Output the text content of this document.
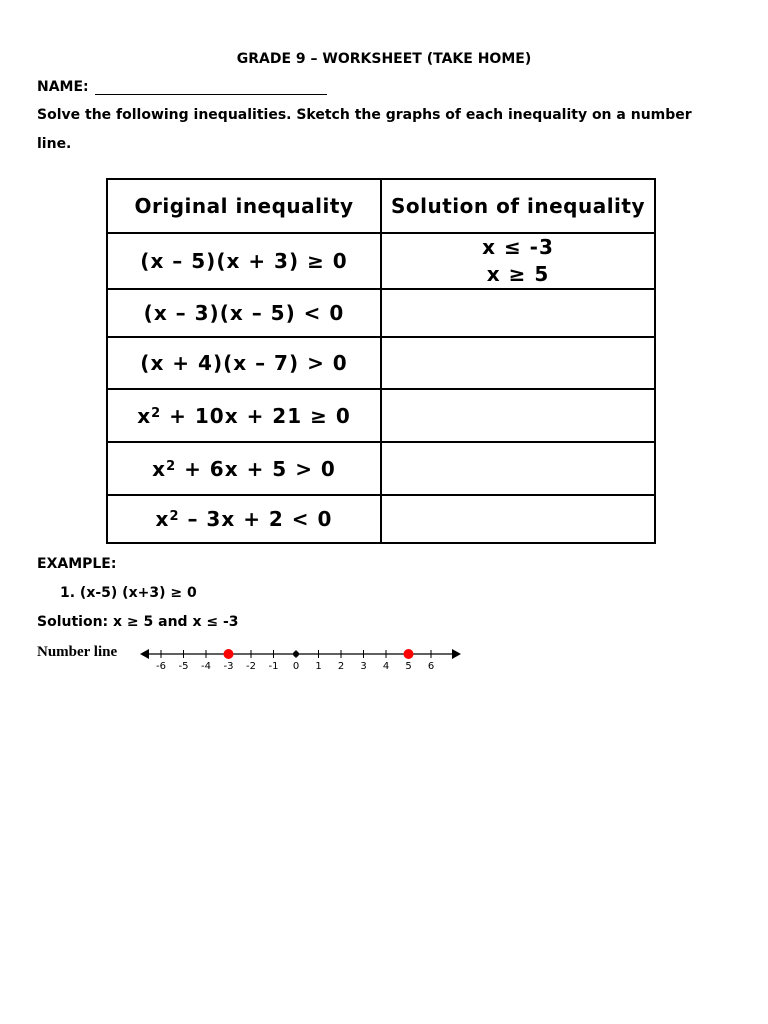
GRADE 9 – WORKSHEET (TAKE HOME)
NAME:
Solve the following inequalities. Sketch the graphs of each inequality on a number line.
Original inequality	Solution of inequality
(x – 5)(x + 3) ≥ 0	x ≤ -3
x ≥ 5

(x – 3)(x – 5) < 0	
(x + 4)(x – 7) > 0	
$x^2 + 10x + 21 \ge 0$	
$x^2 + 6x + 5 > 0$	
$x^2 - 3x + 2 < 0$	
EXAMPLE:
1. (x-5) (x+3) ≥ 0
Solution: x ≥ 5 and x ≤ -3
Number line
-6 -5 -4 -3 -2 -1 0 1 2 3 4 5 6
